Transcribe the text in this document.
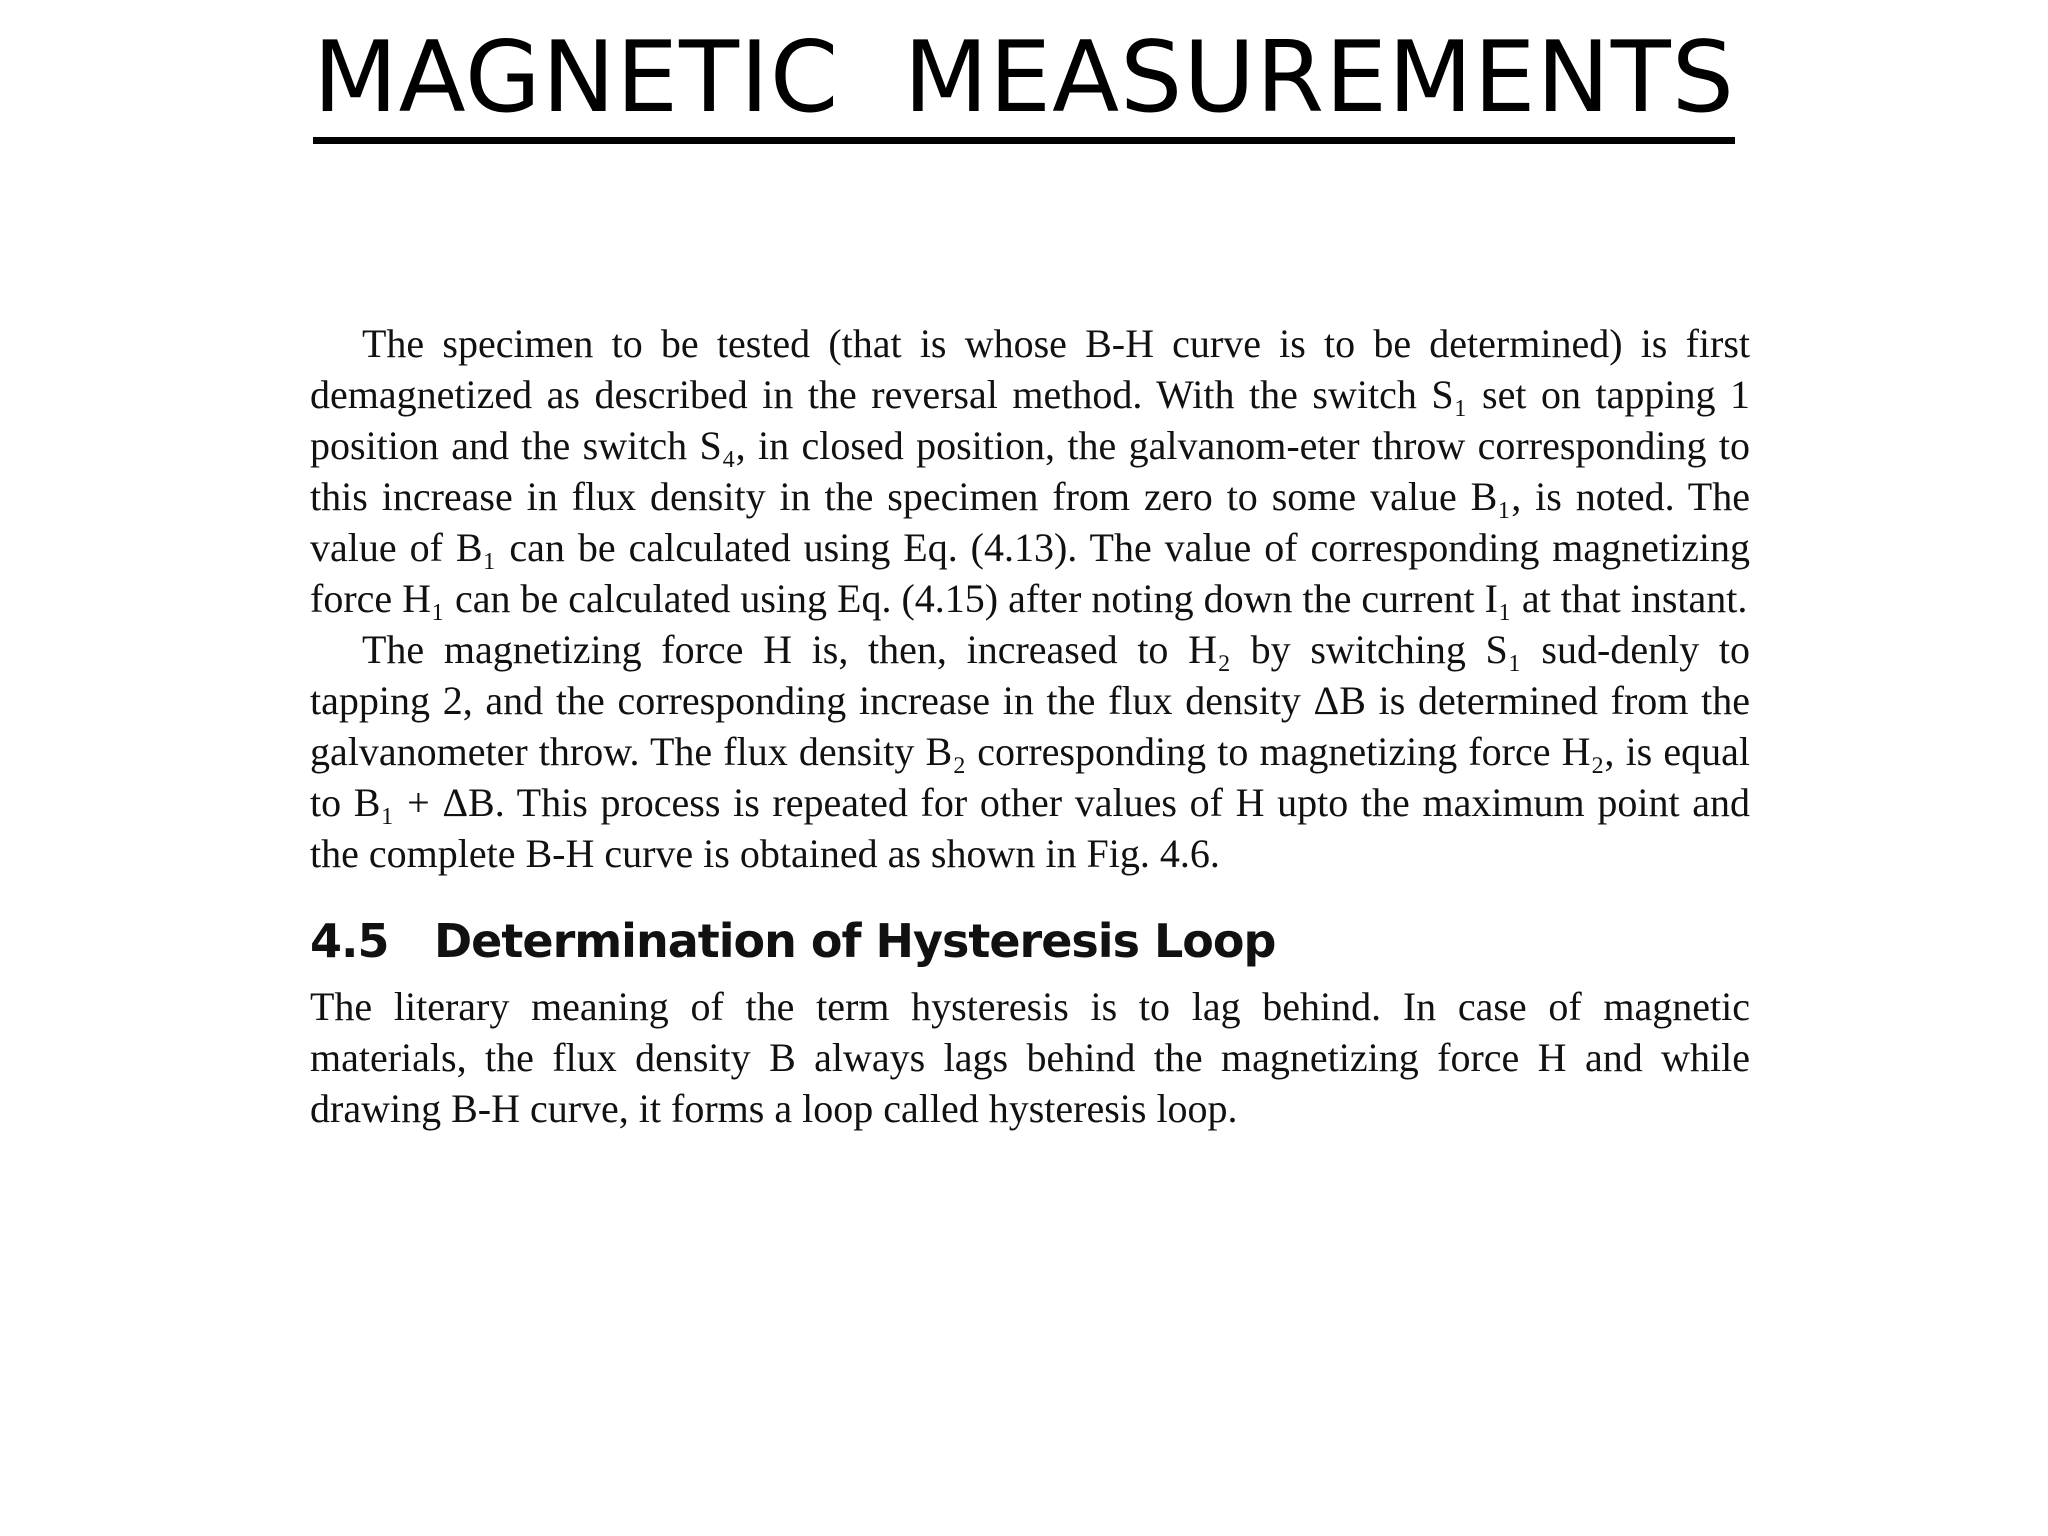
MAGNETIC  MEASUREMENTS

The specimen to be tested (that is whose B-H curve is to be determined) is first demagnetized as described in the reversal method. With the switch S₁ set on tapping 1 position and the switch S₄, in closed position, the galvanom-eter throw corresponding to this increase in flux density in the specimen from zero to some value B₁, is noted. The value of B₁ can be calculated using Eq. (4.13). The value of corresponding magnetizing force H₁ can be calculated using Eq. (4.15) after noting down the current I₁ at that instant.

The magnetizing force H is, then, increased to H₂ by switching S₁ sud-denly to tapping 2, and the corresponding increase in the flux density ΔB is determined from the galvanometer throw. The flux density B₂ corresponding to magnetizing force H₂, is equal to B₁ + ΔB. This process is repeated for other values of H upto the maximum point and the complete B-H curve is obtained as shown in Fig. 4.6.

4.5 Determination of Hysteresis Loop

The literary meaning of the term hysteresis is to lag behind. In case of magnetic materials, the flux density B always lags behind the magnetizing force H and while drawing B-H curve, it forms a loop called hysteresis loop.
